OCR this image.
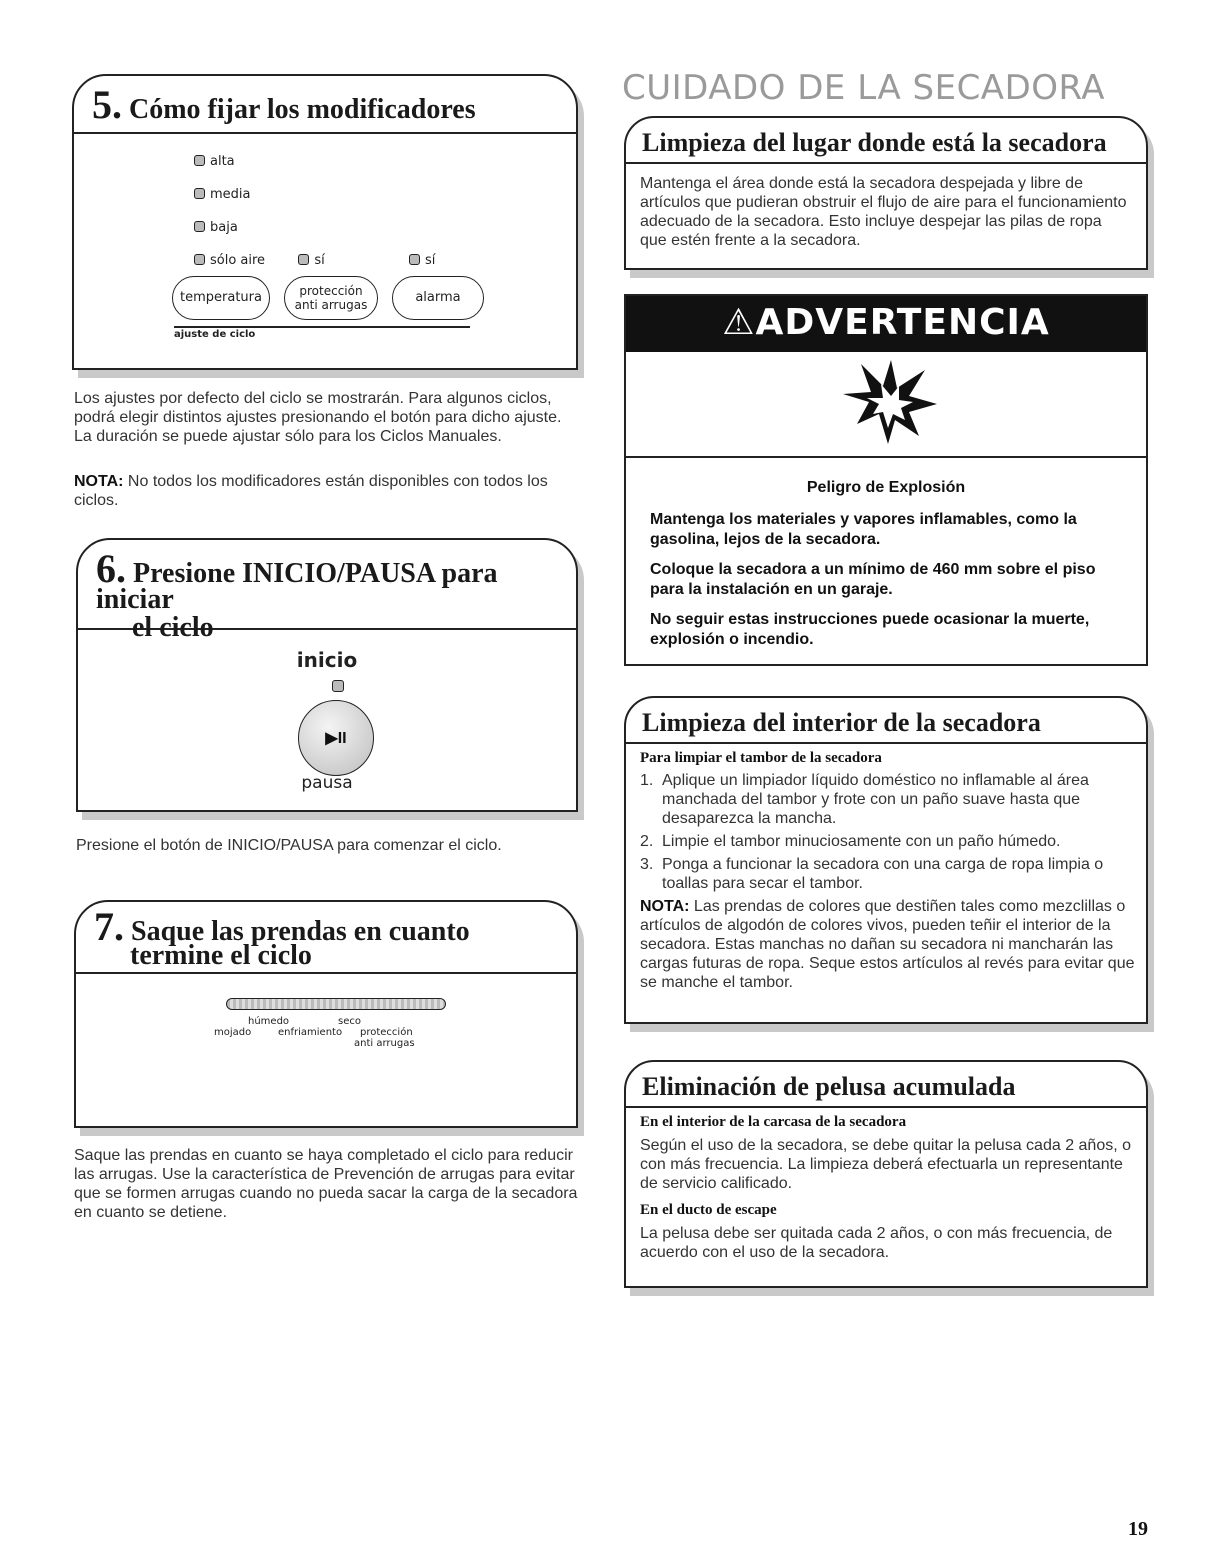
5. Cómo fijar los modificadores
alta
media
baja
sólo aire	sí	sí
temperatura	protección anti arrugas	alarma
ajuste de ciclo
Los ajustes por defecto del ciclo se mostrarán. Para algunos ciclos, podrá elegir distintos ajustes presionando el botón para dicho ajuste. La duración se puede ajustar sólo para los Ciclos Manuales.
NOTA: No todos los modificadores están disponibles con todos los ciclos.
6. Presione INICIO/PAUSA para iniciar
el ciclo
inicio
▶II
pausa
Presione el botón de INICIO/PAUSA para comenzar el ciclo.
7. Saque las prendas en cuanto
termine el ciclo
húmedo	seco
mojado	enfriamiento protección
anti arrugas
Saque las prendas en cuanto se haya completado el ciclo para reducir las arrugas. Use la característica de Prevención de arrugas para evitar que se formen arrugas cuando no pueda sacar la carga de la secadora en cuanto se detiene.
CUIDADO DE LA SECADORA
Limpieza del lugar donde está la secadora
Mantenga el área donde está la secadora despejada y libre de artículos que pudieran obstruir el flujo de aire para el funcionamiento adecuado de la secadora. Esto incluye despejar las pilas de ropa que estén frente a la secadora.
⚠ADVERTENCIA
Peligro de Explosión
Mantenga los materiales y vapores inflamables, como la gasolina, lejos de la secadora.
Coloque la secadora a un mínimo de 460 mm sobre el piso para la instalación en un garaje.
No seguir estas instrucciones puede ocasionar la muerte, explosión o incendio.
Limpieza del interior de la secadora
Para limpiar el tambor de la secadora
1. Aplique un limpiador líquido doméstico no inflamable al área manchada del tambor y frote con un paño suave hasta que desaparezca la mancha.
2. Limpie el tambor minuciosamente con un paño húmedo.
3. Ponga a funcionar la secadora con una carga de ropa limpia o toallas para secar el tambor.
NOTA: Las prendas de colores que destiñen tales como mezclillas o artículos de algodón de colores vivos, pueden teñir el interior de la secadora. Estas manchas no dañan su secadora ni mancharán las cargas futuras de ropa. Seque estos artículos al revés para evitar que se manche el tambor.
Eliminación de pelusa acumulada
En el interior de la carcasa de la secadora
Según el uso de la secadora, se debe quitar la pelusa cada 2 años, o con más frecuencia. La limpieza deberá efectuarla un representante de servicio calificado.
En el ducto de escape
La pelusa debe ser quitada cada 2 años, o con más frecuencia, de acuerdo con el uso de la secadora.
19
